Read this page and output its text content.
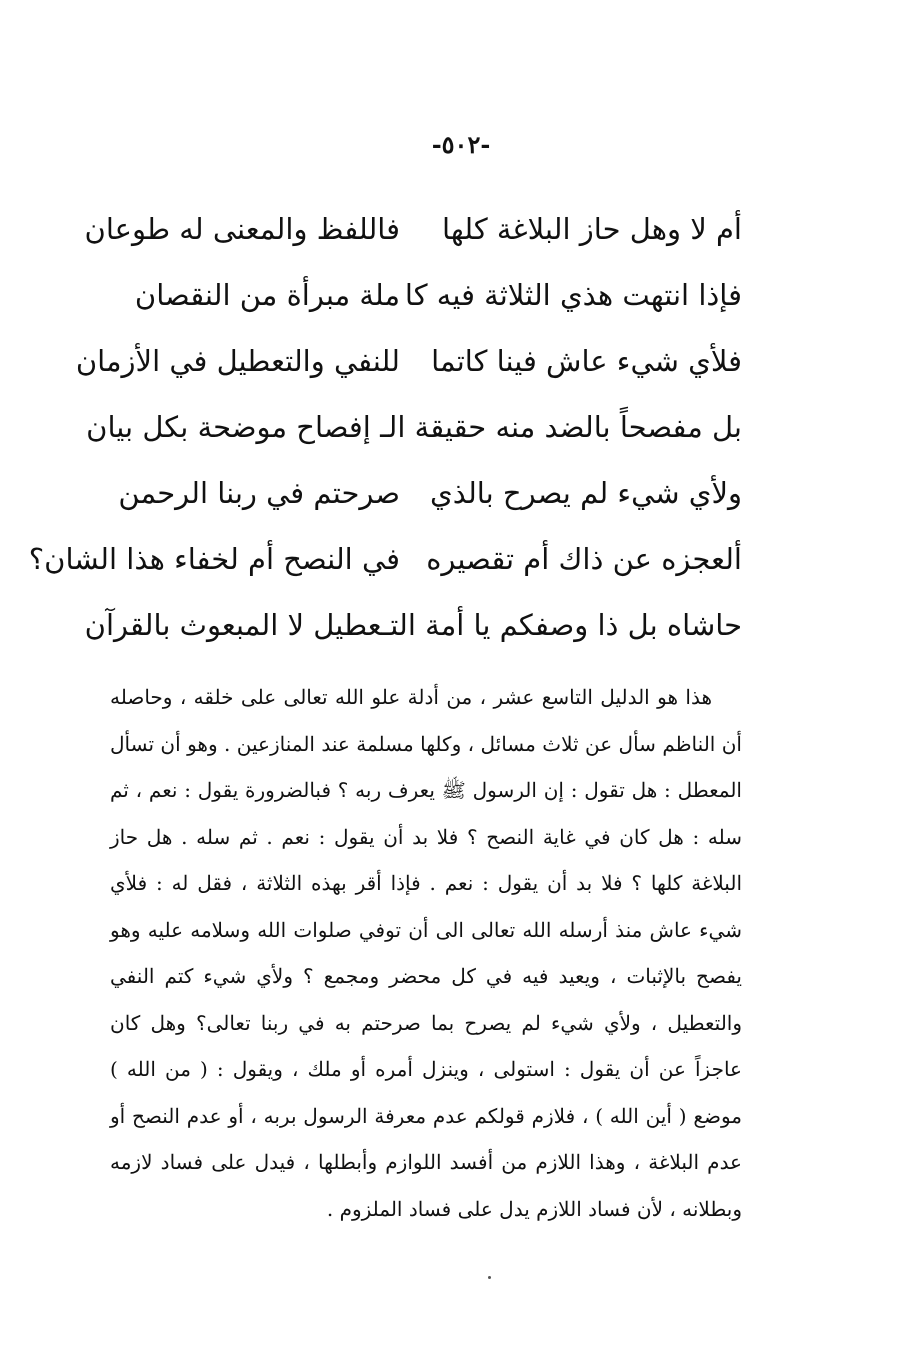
-٥٠٢-
أم لا وهل حاز البلاغة كلها
فاللفظ والمعنى له طوعان
فإذا انتهت هذي الثلاثة فيه كا
ملة مبرأة من النقصان
فلأي شيء عاش فينا كاتما
للنفي والتعطيل في الأزمان
بل مفصحاً بالضد منه حقيقة الـ إفصاح موضحة بكل بيان
ولأي شيء لم يصرح بالذي
صرحتم في ربنا الرحمن
ألعجزه عن ذاك أم تقصيره
في النصح أم لخفاء هذا الشان؟
حاشاه بل ذا وصفكم يا أمة التـعطيل لا المبعوث بالقرآن

هذا هو الدليل التاسع عشر ، من أدلة علو الله تعالى على خلقه ، وحاصله أن الناظم سأل عن ثلاث مسائل ، وكلها مسلمة عند المنازعين . وهو أن تسأل المعطل : هل تقول : إن الرسول ﷺ يعرف ربه ؟ فبالضرورة يقول : نعم ، ثم سله : هل كان في غاية النصح ؟ فلا بد أن يقول : نعم . ثم سله . هل حاز البلاغة كلها ؟ فلا بد أن يقول : نعم . فإذا أقر بهذه الثلاثة ، فقل له : فلأي شيء عاش منذ أرسله الله تعالى الى أن توفي صلوات الله وسلامه عليه وهو يفصح بالإثبات ، ويعيد فيه في كل محضر ومجمع ؟ ولأي شيء كتم النفي والتعطيل ، ولأي شيء لم يصرح بما صرحتم به في ربنا تعالى؟ وهل كان عاجزاً عن أن يقول : استولى ، وينزل أمره أو ملك ، ويقول : ( من الله ) موضع ( أين الله ) ، فلازم قولكم عدم معرفة الرسول بربه ، أو عدم النصح أو عدم البلاغة ، وهذا اللازم من أفسد اللوازم وأبطلها ، فيدل على فساد لازمه وبطلانه ، لأن فساد اللازم يدل على فساد الملزوم .
